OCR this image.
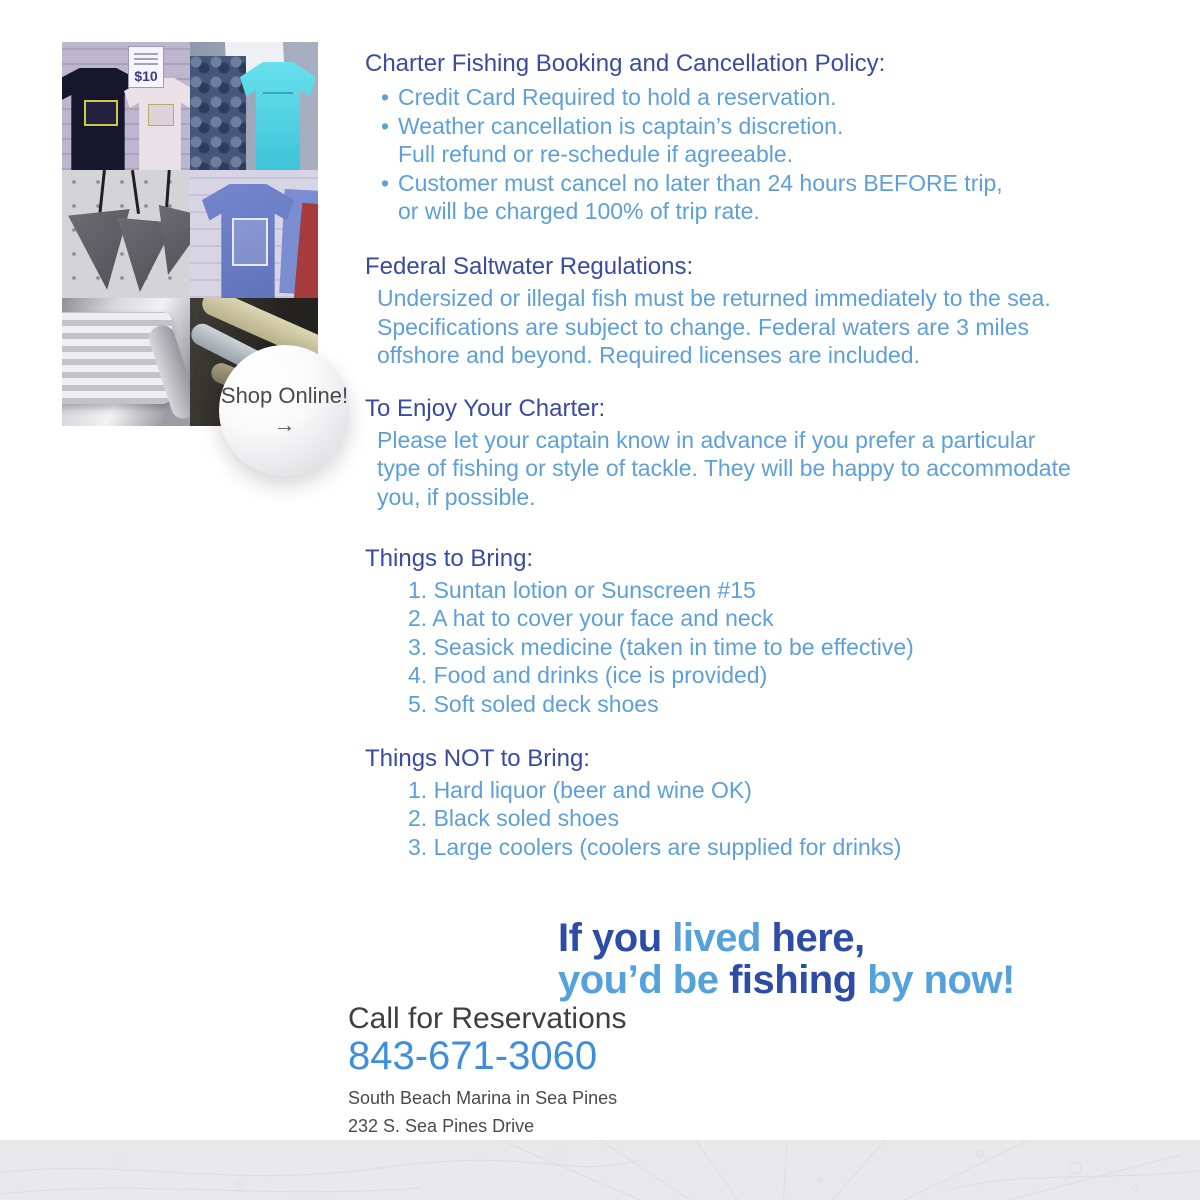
$10
Shop Online!
→
Charter Fishing Booking and Cancellation Policy:
• Credit Card Required to hold a reservation.
• Weather cancellation is captain’s discretion.
Full refund or re-schedule if agreeable.
• Customer must cancel no later than 24 hours BEFORE trip,
or will be charged 100% of trip rate.
Federal Saltwater Regulations:
Undersized or illegal fish must be returned immediately to the sea.
Specifications are subject to change. Federal waters are 3 miles
offshore and beyond. Required licenses are included.
To Enjoy Your Charter:
Please let your captain know in advance if you prefer a particular
type of fishing or style of tackle. They will be happy to accommodate
you, if possible.
Things to Bring:
1. Suntan lotion or Sunscreen #15
2. A hat to cover your face and neck
3. Seasick medicine (taken in time to be effective)
4. Food and drinks (ice is provided)
5. Soft soled deck shoes
Things NOT to Bring:
1. Hard liquor (beer and wine OK)
2. Black soled shoes
3. Large coolers (coolers are supplied for drinks)
If you lived here,
you’d be fishing by now!
Call for Reservations
843-671-3060
South Beach Marina in Sea Pines
232 S. Sea Pines Drive
